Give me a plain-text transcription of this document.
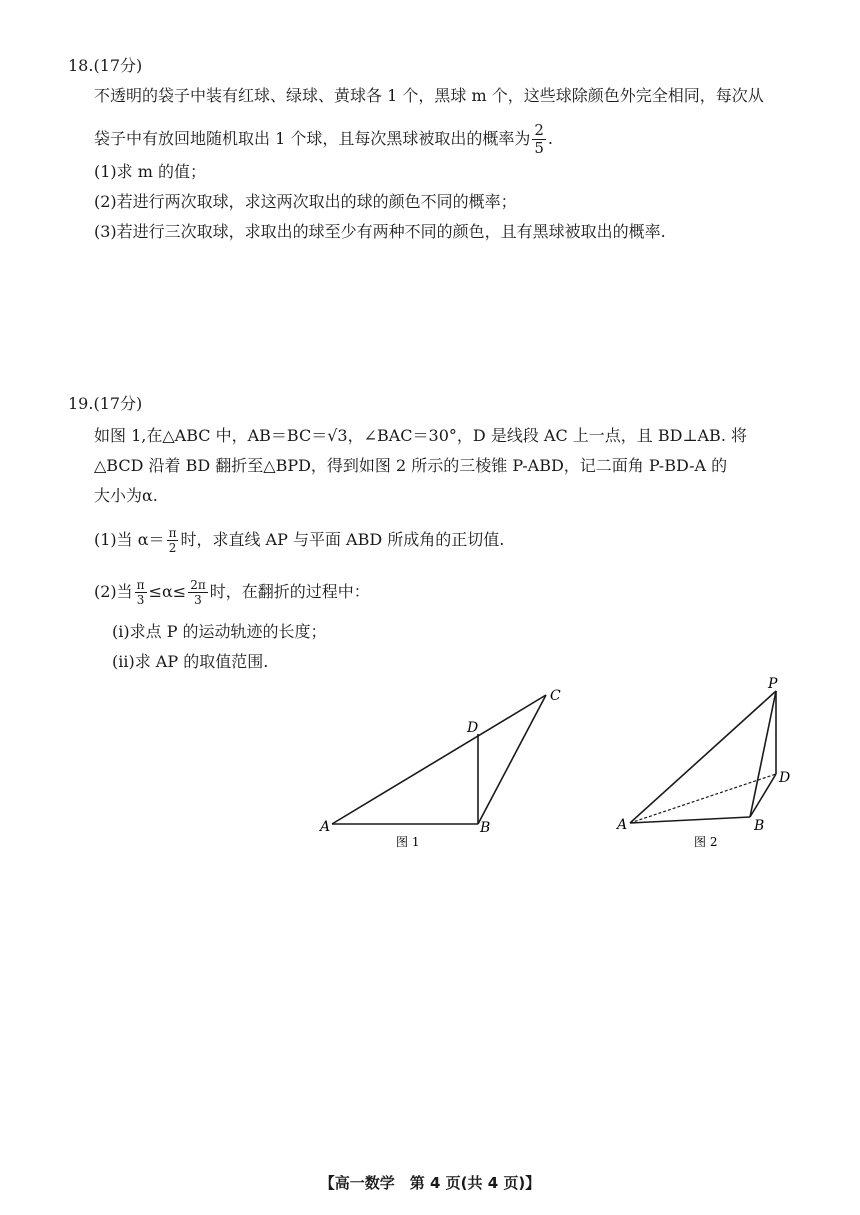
18.(17分)
不透明的袋子中装有红球、绿球、黄球各 1 个，黑球 m 个，这些球除颜色外完全相同，每次从
袋子中有放回地随机取出 1 个球，且每次黑球被取出的概率为 $\frac{2}{5}$ .
(1)求 m 的值；
(2)若进行两次取球，求这两次取出的球的颜色不同的概率；
(3)若进行三次取球，求取出的球至少有两种不同的颜色，且有黑球被取出的概率.
19.(17分)
如图 1,在△ABC 中，AB＝BC＝√3，∠BAC＝30°，D 是线段 AC 上一点，且 BD⊥AB. 将
△BCD 沿着 BD 翻折至△BPD，得到如图 2 所示的三棱锥 P-ABD，记二面角 P-BD-A 的
大小为α.
(1)当 $\alpha= \frac{\pi}{2}$ 时，求直线 AP 与平面 ABD 所成角的正切值.
(2)当 $\frac{\pi}{3} \le\alpha\le \frac{2\pi}{3}$ 时，在翻折的过程中：
(ⅰ)求点 P 的运动轨迹的长度；
(ⅱ)求 AP 的取值范围.
A	B
C
D
图 1
A	B
P
D
图 2
【高一数学　第 4 页(共 4 页)】
